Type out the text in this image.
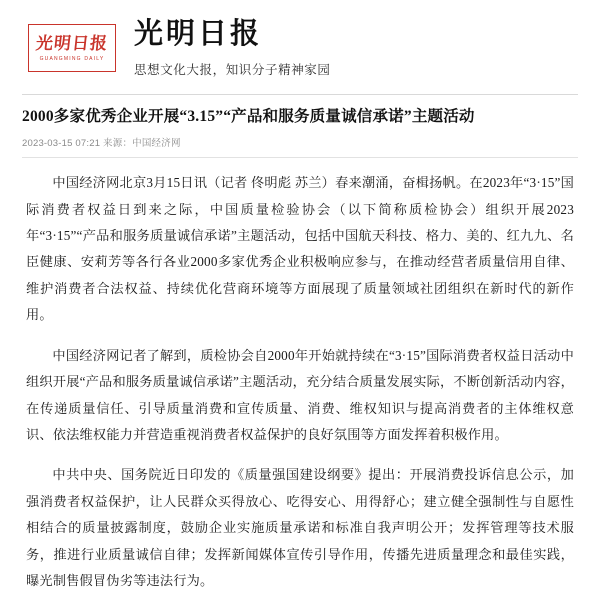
光明日报
GUANGMING DAILY
光明日报
思想文化大报，知识分子精神家园
2000多家优秀企业开展“3.15”“产品和服务质量诚信承诺”主题活动
2023-03-15 07:21 来源：中国经济网

中国经济网北京3月15日讯（记者 佟明彪 苏兰）春来潮涌，奋楫扬帆。在2023年“3·15”国际消费者权益日到来之际，中国质量检验协会（以下简称质检协会）组织开展2023年“3·15”“产品和服务质量诚信承诺”主题活动，包括中国航天科技、格力、美的、红九九、名臣健康、安莉芳等各行各业2000多家优秀企业积极响应参与，在推动经营者质量信用自律、维护消费者合法权益、持续优化营商环境等方面展现了质量领域社团组织在新时代的新作用。

中国经济网记者了解到，质检协会自2000年开始就持续在“3·15”国际消费者权益日活动中组织开展“产品和服务质量诚信承诺”主题活动，充分结合质量发展实际，不断创新活动内容，在传递质量信任、引导质量消费和宣传质量、消费、维权知识与提高消费者的主体维权意识、依法维权能力并营造重视消费者权益保护的良好氛围等方面发挥着积极作用。

中共中央、国务院近日印发的《质量强国建设纲要》提出：开展消费投诉信息公示，加强消费者权益保护，让人民群众买得放心、吃得安心、用得舒心；建立健全强制性与自愿性相结合的质量披露制度，鼓励企业实施质量承诺和标准自我声明公开；发挥管理等技术服务，推进行业质量诚信自律；发挥新闻媒体宣传引导作用，传播先进质量理念和最佳实践，曝光制售假冒伪劣等违法行为。
